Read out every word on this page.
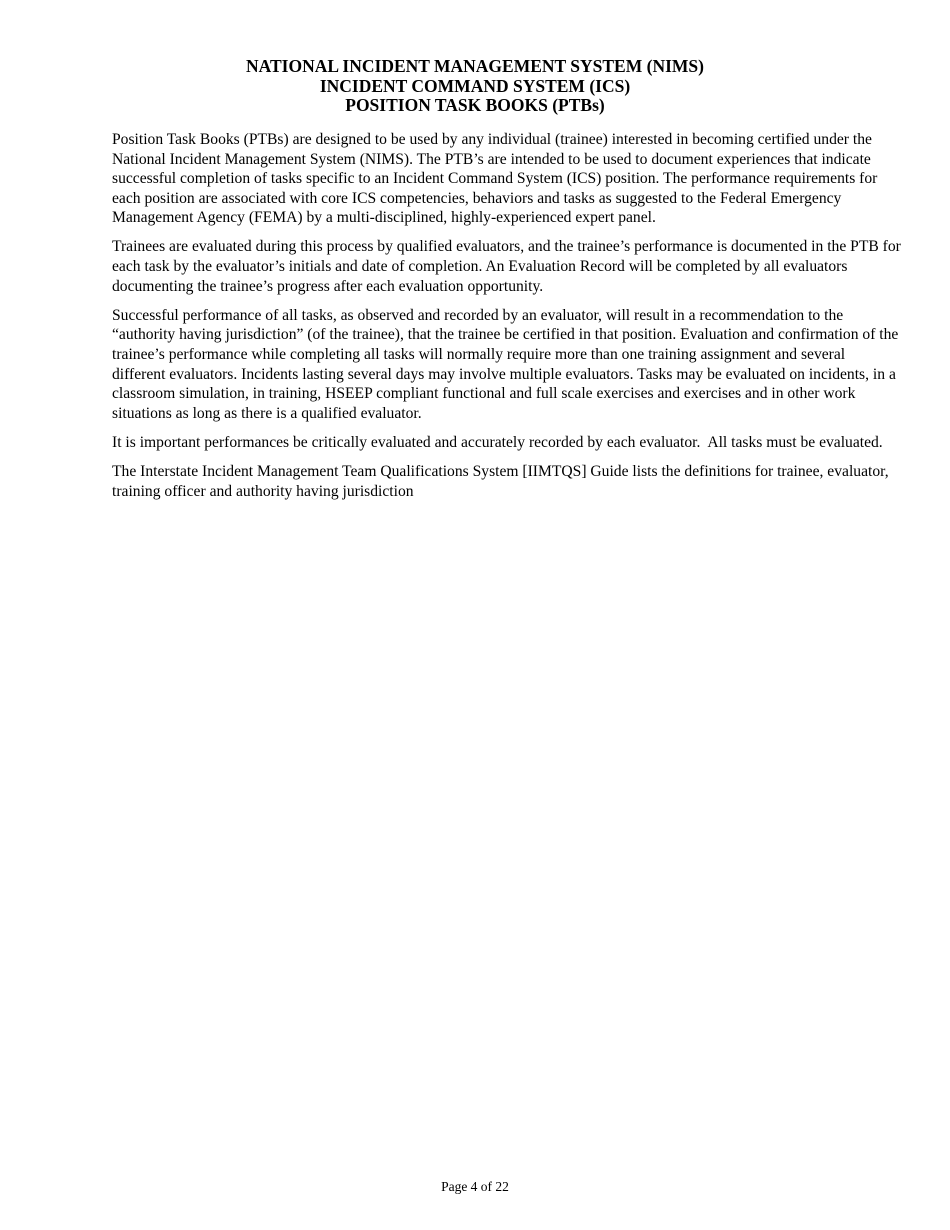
NATIONAL INCIDENT MANAGEMENT SYSTEM (NIMS)
INCIDENT COMMAND SYSTEM (ICS)
POSITION TASK BOOKS (PTBs)

Position Task Books (PTBs) are designed to be used by any individual (trainee) interested in becoming certified under the National Incident Management System (NIMS). The PTB’s are intended to be used to document experiences that indicate successful completion of tasks specific to an Incident Command System (ICS) position. The performance requirements for each position are associated with core ICS competencies, behaviors and tasks as suggested to the Federal Emergency Management Agency (FEMA) by a multi-disciplined, highly-experienced expert panel.

Trainees are evaluated during this process by qualified evaluators, and the trainee’s performance is documented in the PTB for each task by the evaluator’s initials and date of completion. An Evaluation Record will be completed by all evaluators documenting the trainee’s progress after each evaluation opportunity.

Successful performance of all tasks, as observed and recorded by an evaluator, will result in a recommendation to the “authority having jurisdiction” (of the trainee), that the trainee be certified in that position. Evaluation and confirmation of the trainee’s performance while completing all tasks will normally require more than one training assignment and several different evaluators. Incidents lasting several days may involve multiple evaluators. Tasks may be evaluated on incidents, in a classroom simulation, in training, HSEEP compliant functional and full scale exercises and exercises and in other work situations as long as there is a qualified evaluator.

It is important performances be critically evaluated and accurately recorded by each evaluator.  All tasks must be evaluated.

The Interstate Incident Management Team Qualifications System [IIMTQS] Guide lists the definitions for trainee, evaluator, training officer and authority having jurisdiction

Page 4 of 22
